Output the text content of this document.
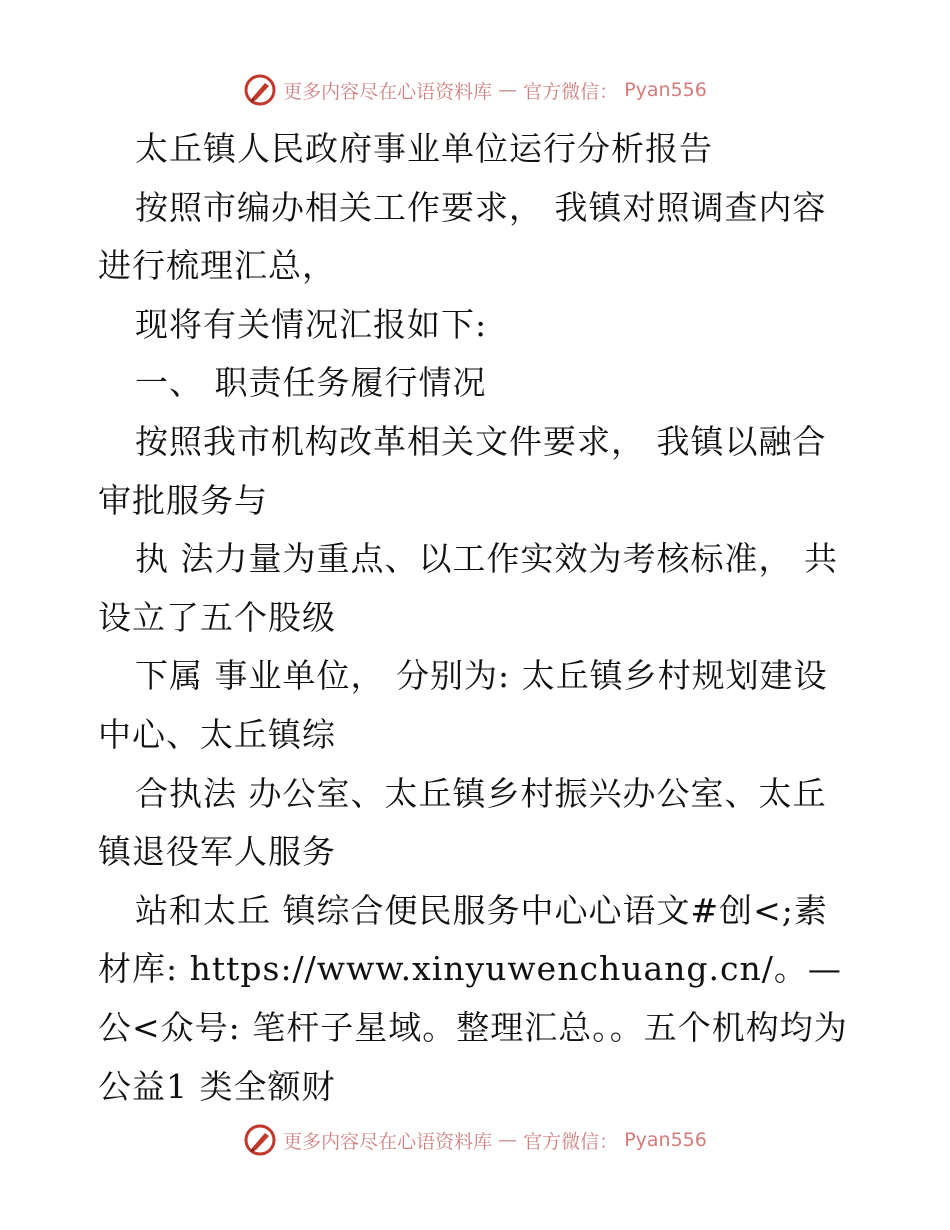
更多内容尽在心语资料库 — 官方微信： Pyan556

太丘镇人民政府事业单位运行分析报告

按照市编办相关工作要求， 我镇对照调查内容进行梳理汇总，

现将有关情况汇报如下:

一、 职责任务履行情况

按照我市机构改革相关文件要求， 我镇以融合审批服务与

执 法力量为重点、以工作实效为考核标准， 共设立了五个股级

下属 事业单位， 分别为: 太丘镇乡村规划建设中心、太丘镇综

合执法 办公室、太丘镇乡村振兴办公室、太丘镇退役军人服务

站和太丘 镇综合便民服务中心心语文#创<;素材库: https://www.xinyuwenchuang.cn/。—公<众号: 笔杆子星域。整理汇总。。五个机构均为公益1 类全额财

更多内容尽在心语资料库 — 官方微信： Pyan556
